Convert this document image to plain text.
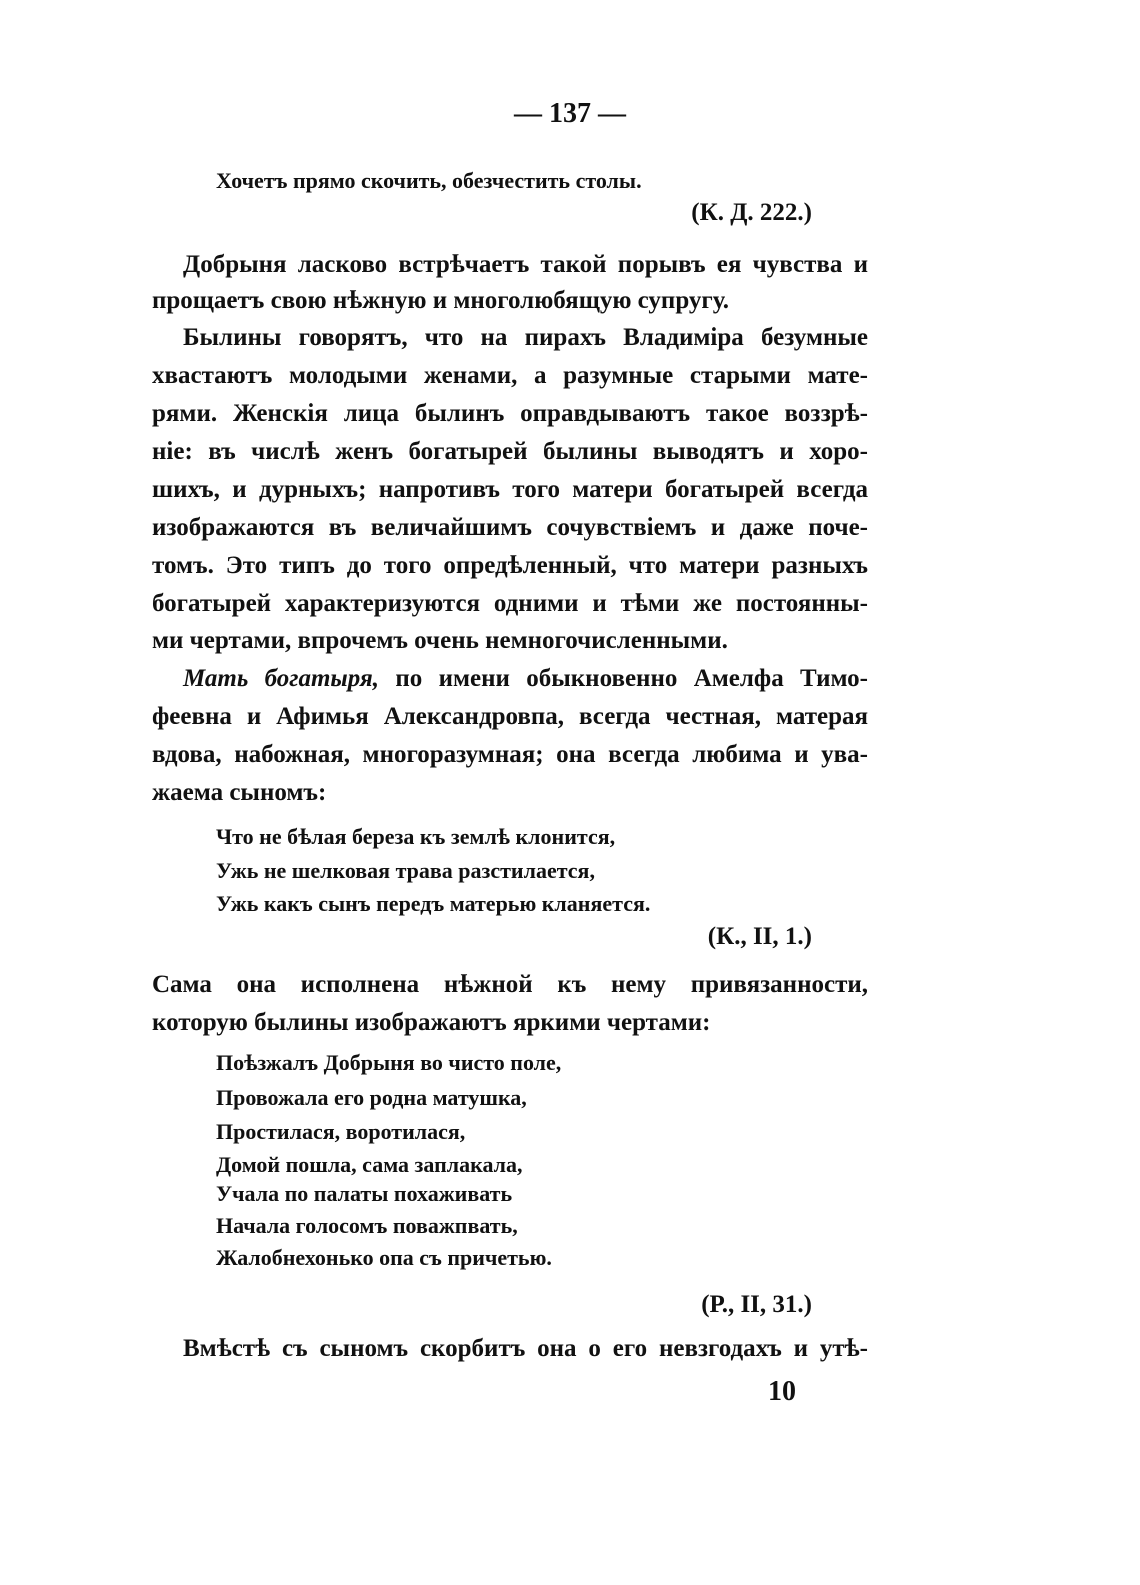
— 137 —
Хочетъ прямо скочить, обезчестить столы.
(К. Д. 222.)
Добрыня ласково встрѣчаетъ такой порывъ ея чувства и
прощаетъ свою нѣжную и многолюбящую супругу.
Былины говорятъ, что на пирахъ Владиміра безумные
хвастаютъ молодыми женами, а разумные старыми мате-
рями. Женскія лица былинъ оправдываютъ такое воззрѣ-
ніе: въ числѣ женъ богатырей былины выводятъ и хоро-
шихъ, и дурныхъ; напротивъ того матери богатырей всегда
изображаются въ величайшимъ сочувствіемъ и даже поче-
томъ. Это типъ до того опредѣленный, что матери разныхъ
богатырей характеризуются одними и тѣми же постоянны-
ми чертами, впрочемъ очень немногочисленными.
Мать богатыря, по имени обыкновенно Амелфа Тимо-
феевна и Афимья Александровпа, всегда честная, матерая
вдова, набожная, многоразумная; она всегда любима и ува-
жаема сыномъ:
Что не бѣлая береза къ землѣ клонится,
Ужь не шелковая трава разстилается,
Ужь какъ сынъ передъ матерью кланяется.
(К., II, 1.)
Сама она исполнена нѣжной къ нему привязанности,
которую былины изображаютъ яркими чертами:
Поѣзжалъ Добрыня во чисто поле,
Провожала его родна матушка,
Простилася, воротилася,
Домой пошла, сама заплакала,
Учала по палаты похаживать
Начала голосомъ поважпвать,
Жалобнехонько опа съ причетью.
(Р., II, 31.)
Вмѣстѣ съ сыномъ скорбитъ она о его невзгодахъ и утѣ-
10
